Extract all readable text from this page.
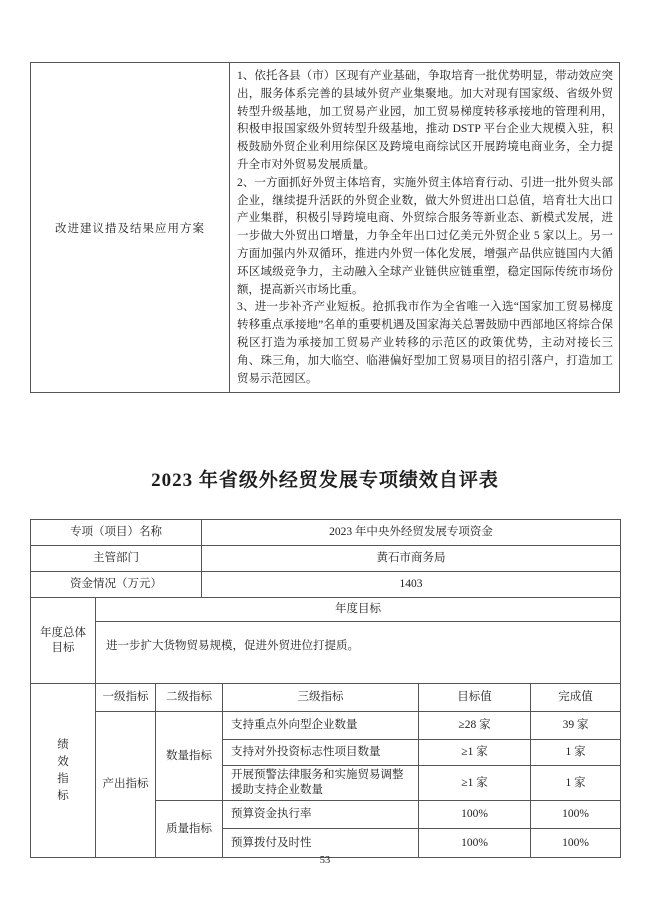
改进建议措及结果应用方案	

1、依托各县（市）区现有产业基础，争取培育一批优势明显，带动效应突出，服务体系完善的县域外贸产业集聚地。加大对现有国家级、省级外贸转型升级基地，加工贸易产业园，加工贸易梯度转移承接地的管理利用，积极申报国家级外贸转型升级基地，推动 DSTP 平台企业大规模入驻，积极鼓励外贸企业利用综保区及跨境电商综试区开展跨境电商业务，全力提升全市对外贸易发展质量。

2、一方面抓好外贸主体培育，实施外贸主体培育行动、引进一批外贸头部企业，继续提升活跃的外贸企业数，做大外贸进出口总值，培育壮大出口产业集群，积极引导跨境电商、外贸综合服务等新业态、新模式发展，进一步做大外贸出口增量，力争全年出口过亿美元外贸企业 5 家以上。另一方面加强内外双循环，推进内外贸一体化发展，增强产品供应链国内大循环区域级竞争力，主动融入全球产业链供应链重塑，稳定国际传统市场份额，提高新兴市场比重。

3、进一步补齐产业短板。抢抓我市作为全省唯一入选“国家加工贸易梯度转移重点承接地”名单的重要机遇及国家海关总署鼓励中西部地区将综合保税区打造为承接加工贸易产业转移的示范区的政策优势，主动对接长三角、珠三角，加大临空、临港偏好型加工贸易项目的招引落户，打造加工贸易示范园区。

2023 年省级外经贸发展专项绩效自评表
专项（项目）名称			2023 年中央外经贸发展专项资金			
主管部门			黄石市商务局			
资金情况（万元）			1403			
年度总体目标	年度目标					
	进一步扩大货物贸易规模，促进外贸进位打提质。					
绩效指标	一级指标	二级指标		三级指标	目标值	完成值
	产出指标	数量指标		支持重点外向型企业数量	≥28 家	39 家
				支持对外投资标志性项目数量	≥1 家	1 家
				开展预警法律服务和实施贸易调整援助支持企业数量	≥1 家	1 家
		质量指标		预算资金执行率	100%	100%
				预算拨付及时性	100%	100%
53
